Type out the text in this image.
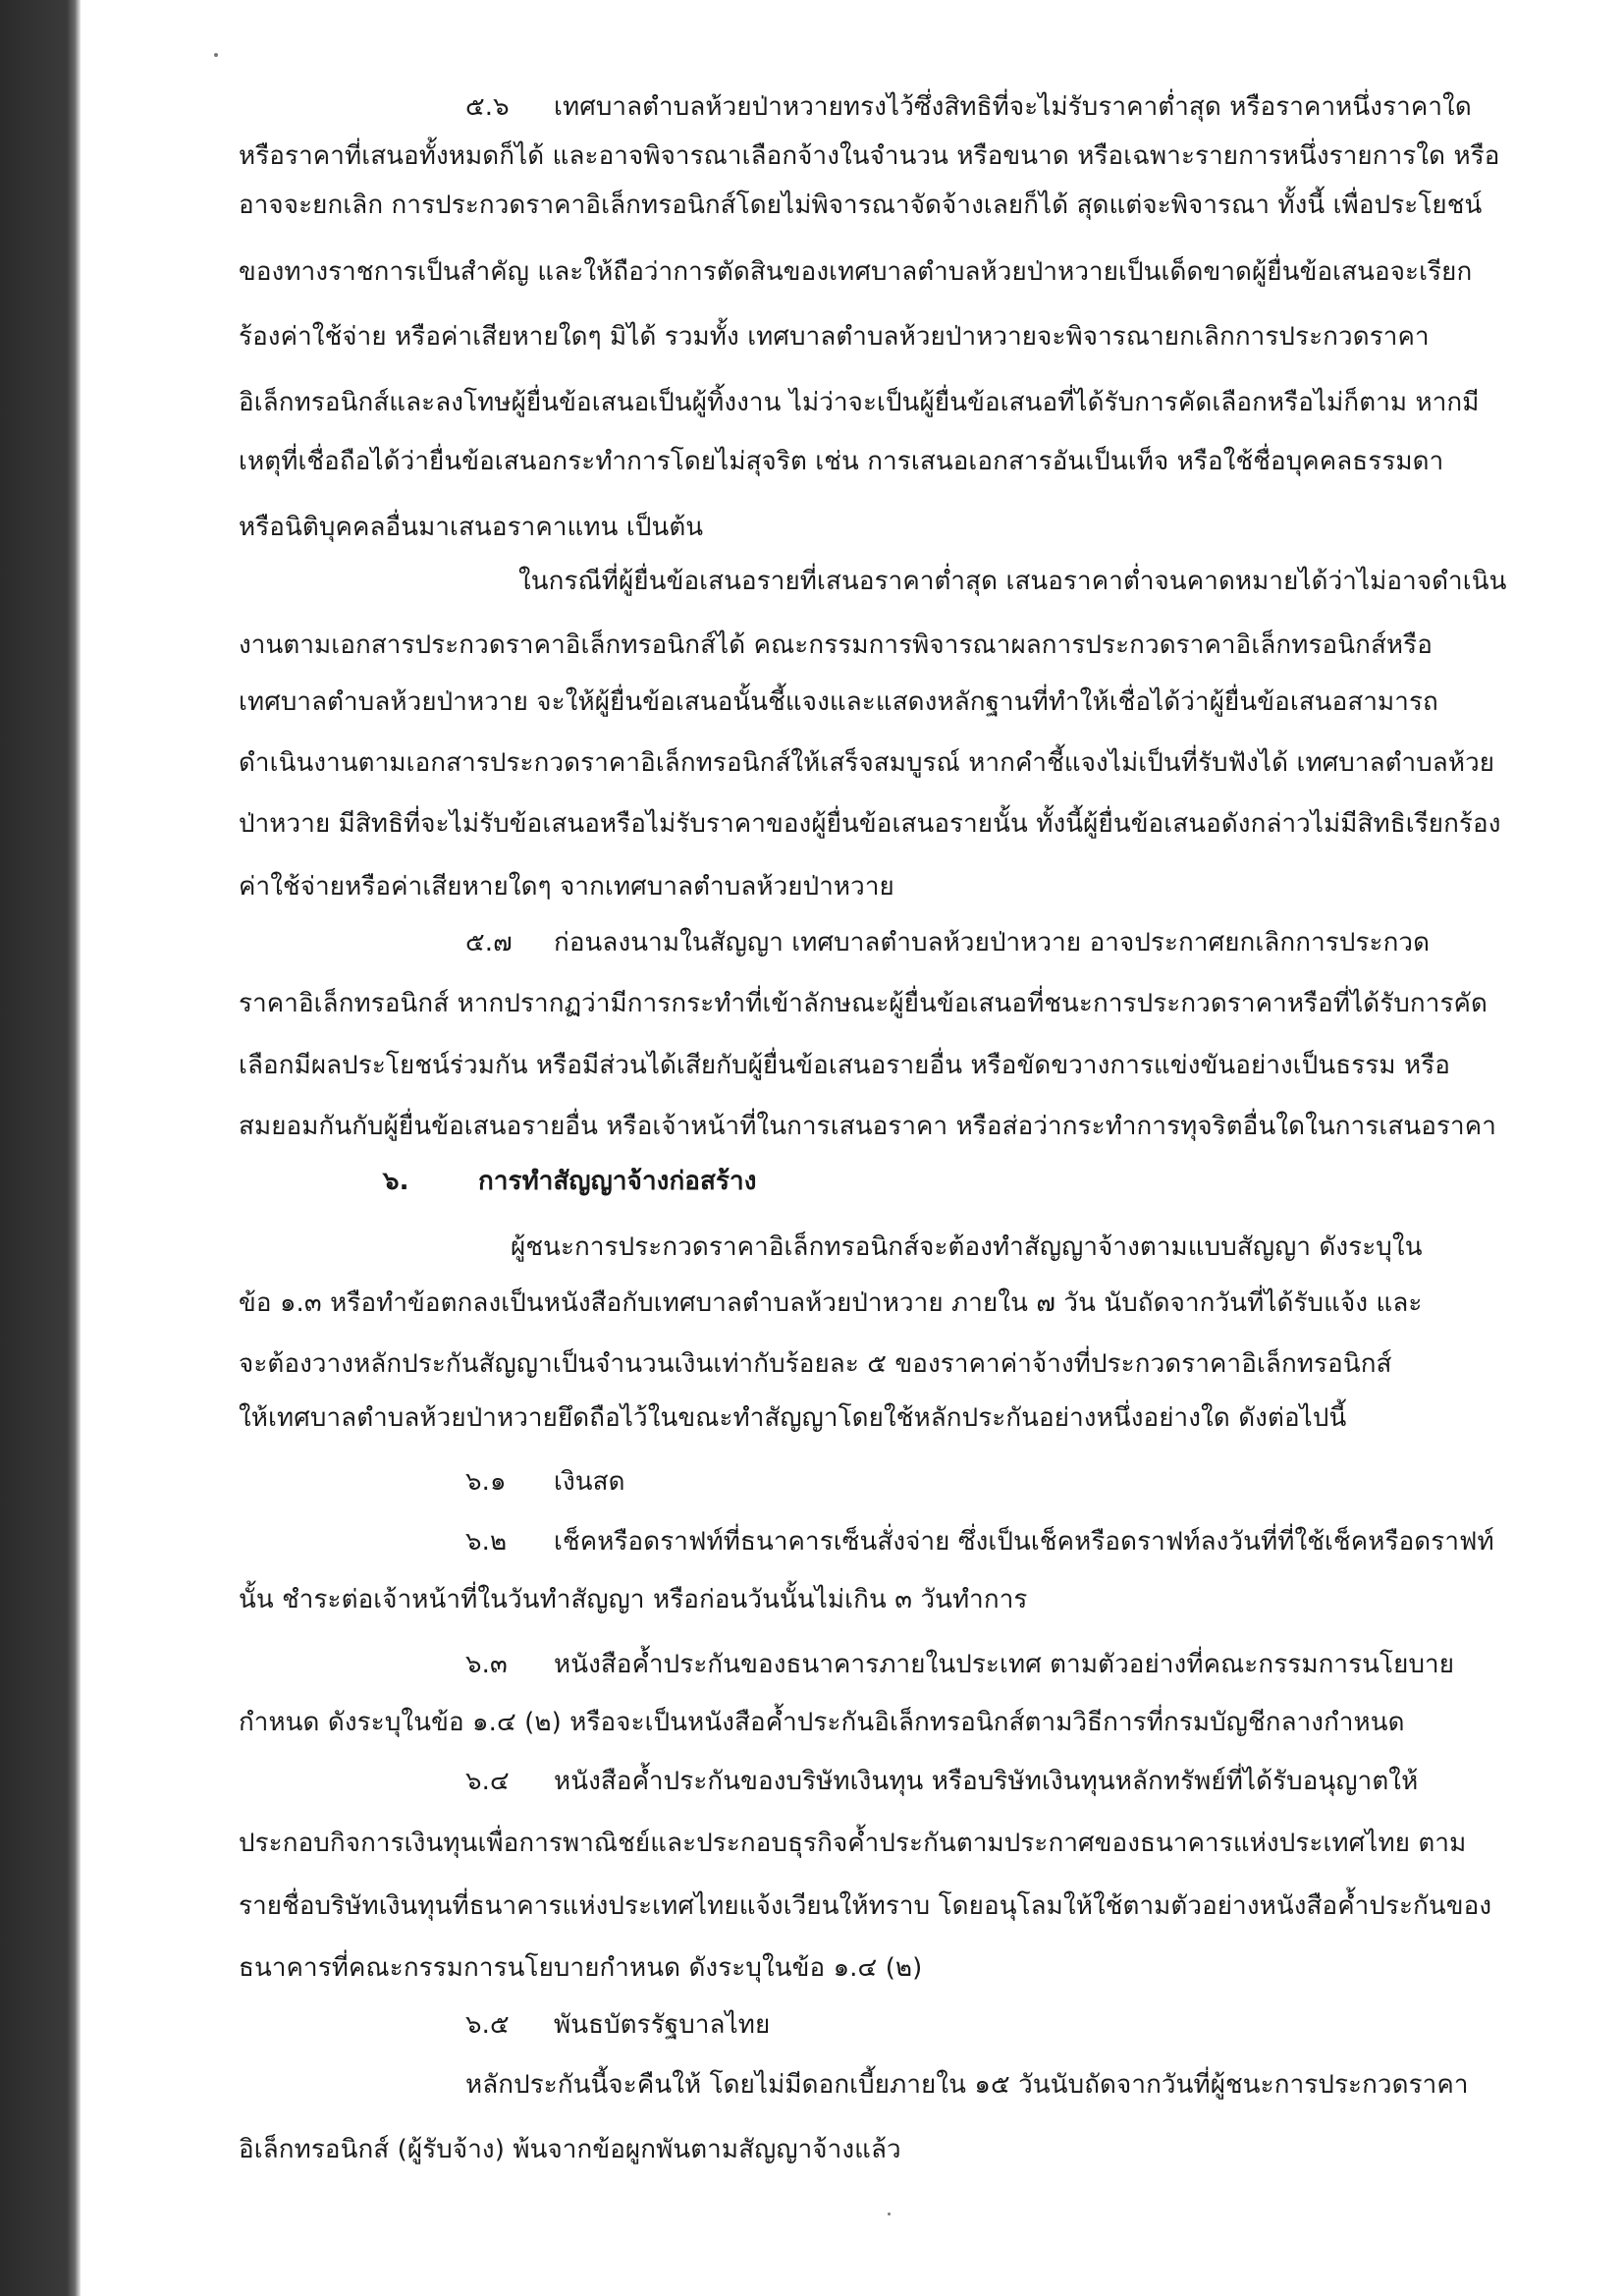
๕.๖ เทศบาลตำบลห้วยป่าหวายทรงไว้ซึ่งสิทธิที่จะไม่รับราคาต่ำสุด หรือราคาหนึ่งราคาใด
หรือราคาที่เสนอทั้งหมดก็ได้ และอาจพิจารณาเลือกจ้างในจำนวน หรือขนาด หรือเฉพาะรายการหนึ่งรายการใด หรือ
อาจจะยกเลิก การประกวดราคาอิเล็กทรอนิกส์โดยไม่พิจารณาจัดจ้างเลยก็ได้ สุดแต่จะพิจารณา ทั้งนี้ เพื่อประโยชน์
ของทางราชการเป็นสำคัญ และให้ถือว่าการตัดสินของเทศบาลตำบลห้วยป่าหวายเป็นเด็ดขาดผู้ยื่นข้อเสนอจะเรียก
ร้องค่าใช้จ่าย หรือค่าเสียหายใดๆ มิได้ รวมทั้ง เทศบาลตำบลห้วยป่าหวายจะพิจารณายกเลิกการประกวดราคา
อิเล็กทรอนิกส์และลงโทษผู้ยื่นข้อเสนอเป็นผู้ทิ้งงาน ไม่ว่าจะเป็นผู้ยื่นข้อเสนอที่ได้รับการคัดเลือกหรือไม่ก็ตาม หากมี
เหตุที่เชื่อถือได้ว่ายื่นข้อเสนอกระทำการโดยไม่สุจริต เช่น การเสนอเอกสารอันเป็นเท็จ หรือใช้ชื่อบุคคลธรรมดา
หรือนิติบุคคลอื่นมาเสนอราคาแทน เป็นต้น
ในกรณีที่ผู้ยื่นข้อเสนอรายที่เสนอราคาต่ำสุด เสนอราคาต่ำจนคาดหมายได้ว่าไม่อาจดำเนิน
งานตามเอกสารประกวดราคาอิเล็กทรอนิกส์ได้ คณะกรรมการพิจารณาผลการประกวดราคาอิเล็กทรอนิกส์หรือ
เทศบาลตำบลห้วยป่าหวาย จะให้ผู้ยื่นข้อเสนอนั้นชี้แจงและแสดงหลักฐานที่ทำให้เชื่อได้ว่าผู้ยื่นข้อเสนอสามารถ
ดำเนินงานตามเอกสารประกวดราคาอิเล็กทรอนิกส์ให้เสร็จสมบูรณ์ หากคำชี้แจงไม่เป็นที่รับฟังได้ เทศบาลตำบลห้วย
ป่าหวาย มีสิทธิที่จะไม่รับข้อเสนอหรือไม่รับราคาของผู้ยื่นข้อเสนอรายนั้น ทั้งนี้ผู้ยื่นข้อเสนอดังกล่าวไม่มีสิทธิเรียกร้อง
ค่าใช้จ่ายหรือค่าเสียหายใดๆ จากเทศบาลตำบลห้วยป่าหวาย
๕.๗ ก่อนลงนามในสัญญา เทศบาลตำบลห้วยป่าหวาย อาจประกาศยกเลิกการประกวด
ราคาอิเล็กทรอนิกส์ หากปรากฏว่ามีการกระทำที่เข้าลักษณะผู้ยื่นข้อเสนอที่ชนะการประกวดราคาหรือที่ได้รับการคัด
เลือกมีผลประโยชน์ร่วมกัน หรือมีส่วนได้เสียกับผู้ยื่นข้อเสนอรายอื่น หรือขัดขวางการแข่งขันอย่างเป็นธรรม หรือ
สมยอมกันกับผู้ยื่นข้อเสนอรายอื่น หรือเจ้าหน้าที่ในการเสนอราคา หรือส่อว่ากระทำการทุจริตอื่นใดในการเสนอราคา
๖.	การทำสัญญาจ้างก่อสร้าง
ผู้ชนะการประกวดราคาอิเล็กทรอนิกส์จะต้องทำสัญญาจ้างตามแบบสัญญา ดังระบุใน
ข้อ ๑.๓ หรือทำข้อตกลงเป็นหนังสือกับเทศบาลตำบลห้วยป่าหวาย ภายใน ๗ วัน นับถัดจากวันที่ได้รับแจ้ง และ
จะต้องวางหลักประกันสัญญาเป็นจำนวนเงินเท่ากับร้อยละ ๕ ของราคาค่าจ้างที่ประกวดราคาอิเล็กทรอนิกส์
ให้เทศบาลตำบลห้วยป่าหวายยึดถือไว้ในขณะทำสัญญาโดยใช้หลักประกันอย่างหนึ่งอย่างใด ดังต่อไปนี้
๖.๑ เงินสด
๖.๒ เช็คหรือดราฟท์ที่ธนาคารเซ็นสั่งจ่าย ซึ่งเป็นเช็คหรือดราฟท์ลงวันที่ที่ใช้เช็คหรือดราฟท์
นั้น ชำระต่อเจ้าหน้าที่ในวันทำสัญญา หรือก่อนวันนั้นไม่เกิน ๓ วันทำการ
๖.๓ หนังสือค้ำประกันของธนาคารภายในประเทศ ตามตัวอย่างที่คณะกรรมการนโยบาย
กำหนด ดังระบุในข้อ ๑.๔ (๒) หรือจะเป็นหนังสือค้ำประกันอิเล็กทรอนิกส์ตามวิธีการที่กรมบัญชีกลางกำหนด
๖.๔ หนังสือค้ำประกันของบริษัทเงินทุน หรือบริษัทเงินทุนหลักทรัพย์ที่ได้รับอนุญาตให้
ประกอบกิจการเงินทุนเพื่อการพาณิชย์และประกอบธุรกิจค้ำประกันตามประกาศของธนาคารแห่งประเทศไทย ตาม
รายชื่อบริษัทเงินทุนที่ธนาคารแห่งประเทศไทยแจ้งเวียนให้ทราบ โดยอนุโลมให้ใช้ตามตัวอย่างหนังสือค้ำประกันของ
ธนาคารที่คณะกรรมการนโยบายกำหนด ดังระบุในข้อ ๑.๔ (๒)
๖.๕ พันธบัตรรัฐบาลไทย
หลักประกันนี้จะคืนให้ โดยไม่มีดอกเบี้ยภายใน ๑๕ วันนับถัดจากวันที่ผู้ชนะการประกวดราคา
อิเล็กทรอนิกส์ (ผู้รับจ้าง) พ้นจากข้อผูกพันตามสัญญาจ้างแล้ว
